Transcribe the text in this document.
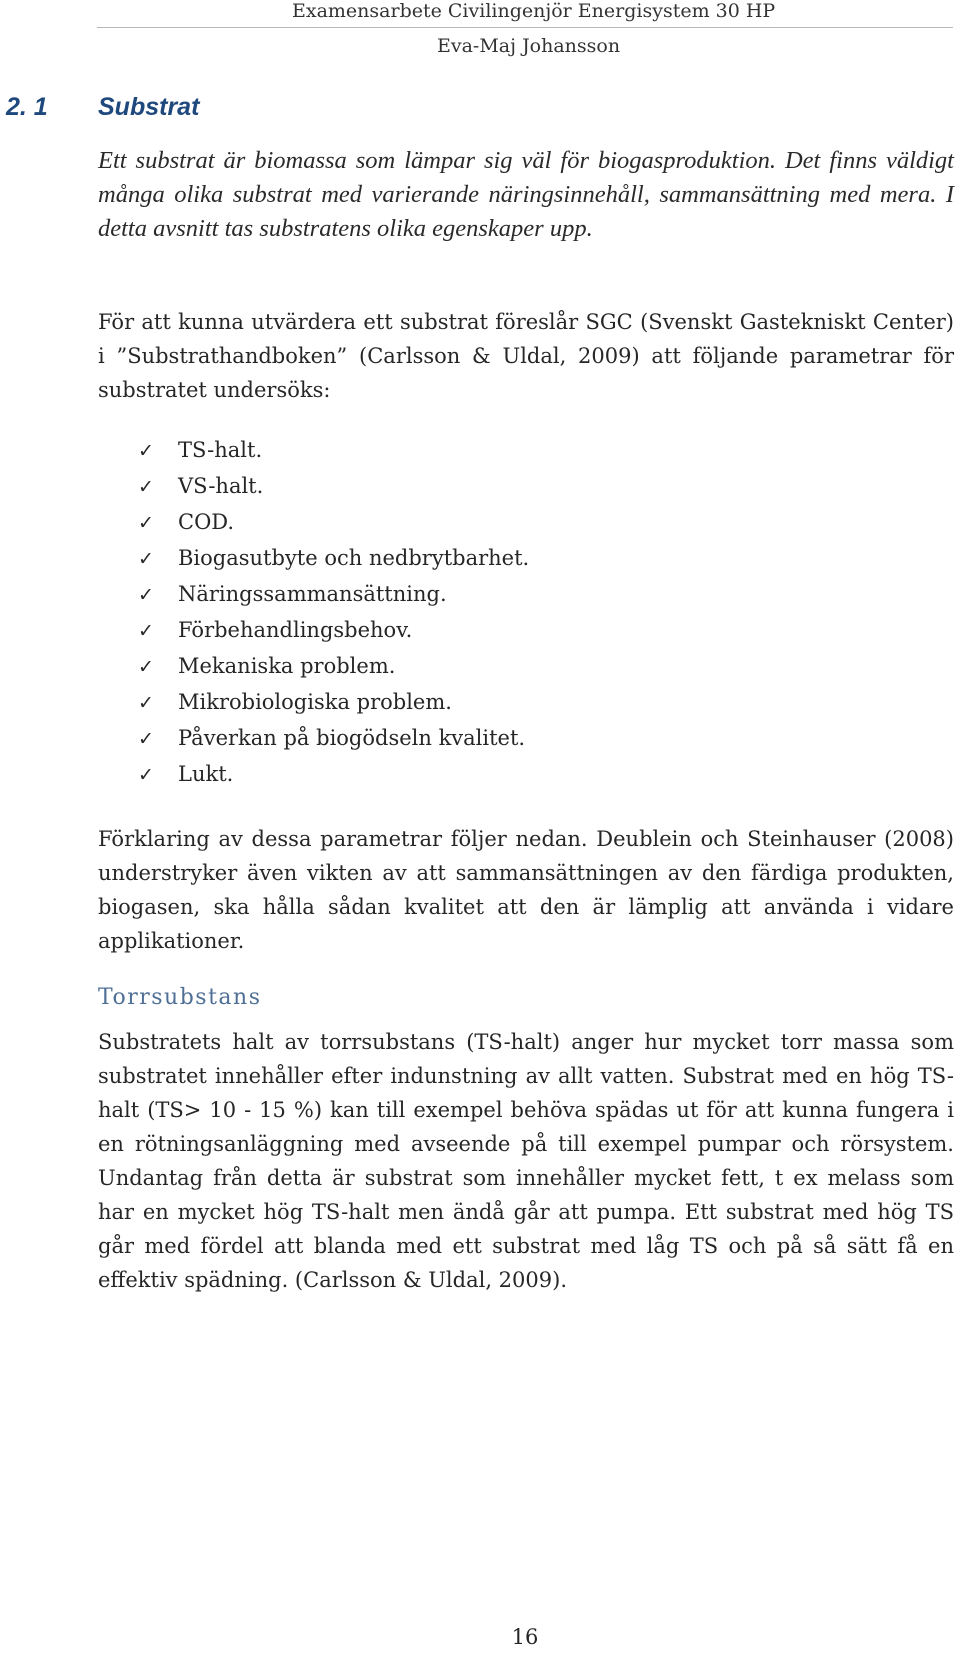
Examensarbete Civilingenjör Energisystem 30 HP
Eva-Maj Johansson
2. 1 Substrat
Ett substrat är biomassa som lämpar sig väl för biogasproduktion. Det finns väldigt många olika substrat med varierande näringsinnehåll, sammansättning med mera. I detta avsnitt tas substratens olika egenskaper upp.
För att kunna utvärdera ett substrat föreslår SGC (Svenskt Gastekniskt Center) i ”Substrathandboken” (Carlsson & Uldal, 2009) att följande parametrar för substratet undersöks:
✓ TS-halt.
✓ VS-halt.
✓ COD.
✓ Biogasutbyte och nedbrytbarhet.
✓ Näringssammansättning.
✓ Förbehandlingsbehov.
✓ Mekaniska problem.
✓ Mikrobiologiska problem.
✓ Påverkan på biogödseln kvalitet.
✓ Lukt.
Förklaring av dessa parametrar följer nedan. Deublein och Steinhauser (2008) understryker även vikten av att sammansättningen av den färdiga produkten, biogasen, ska hålla sådan kvalitet att den är lämplig att använda i vidare applikationer.
Torrsubstans
Substratets halt av torrsubstans (TS-halt) anger hur mycket torr massa som substratet innehåller efter indunstning av allt vatten. Substrat med en hög TS-halt (TS> 10 - 15 %) kan till exempel behöva spädas ut för att kunna fungera i en rötningsanläggning med avseende på till exempel pumpar och rörsystem. Undantag från detta är substrat som innehåller mycket fett, t ex melass som har en mycket hög TS-halt men ändå går att pumpa. Ett substrat med hög TS går med fördel att blanda med ett substrat med låg TS och på så sätt få en effektiv spädning. (Carlsson & Uldal, 2009).
16
